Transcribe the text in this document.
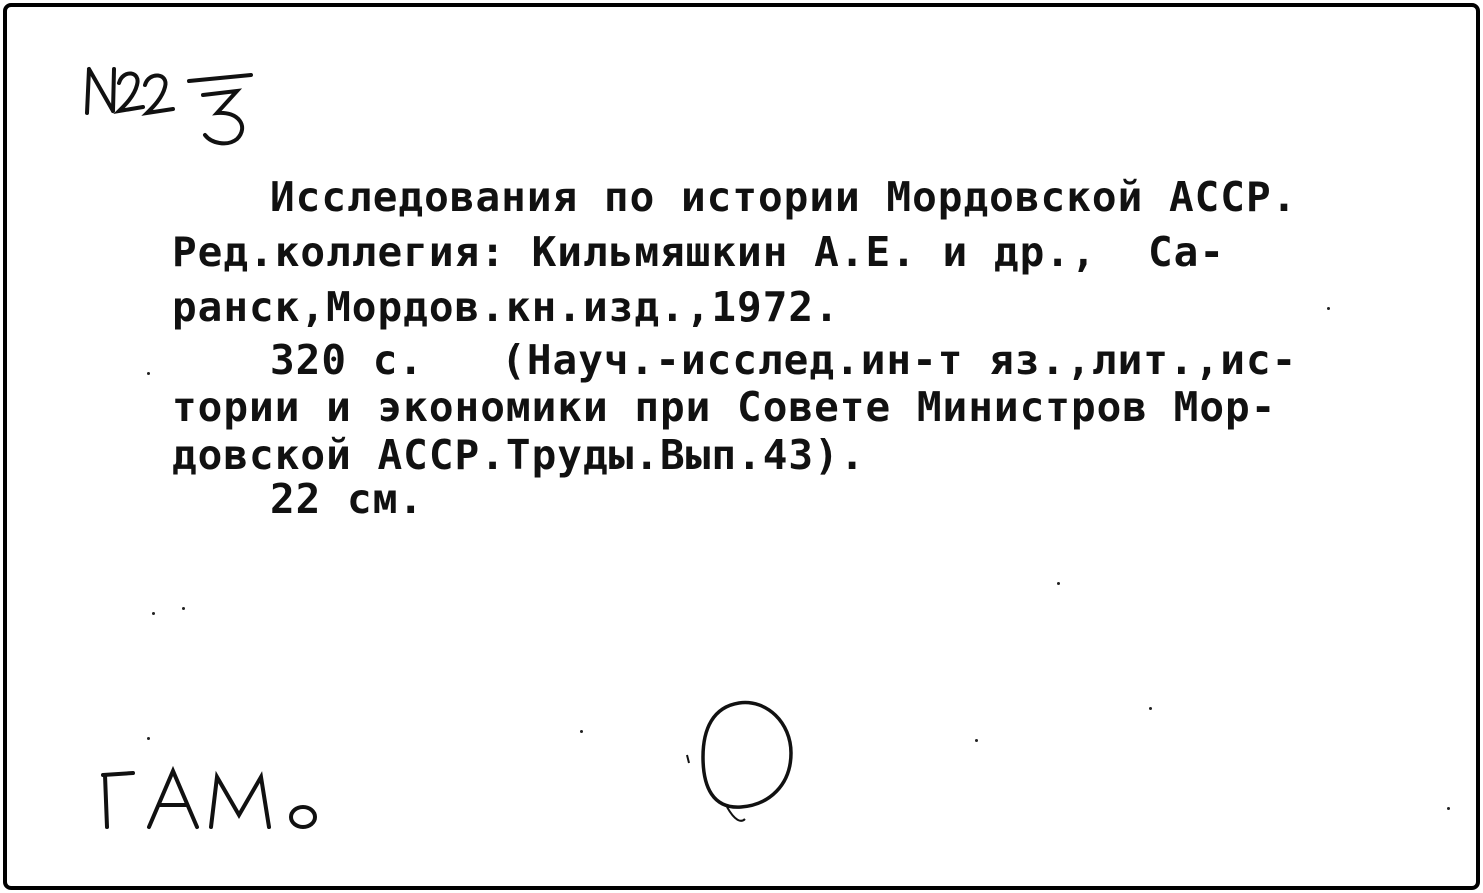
Исследования по истории Мордовской АССР.
Ред.коллегия: Кильмяшкин А.Е. и др.,  Са-
ранск,Мордов.кн.изд.,1972.
320 с.   (Науч.-исслед.ин-т яз.,лит.,ис-
тории и экономики при Совете Министров Мор-
довской АССР.Труды.Вып.43).
22 см.
